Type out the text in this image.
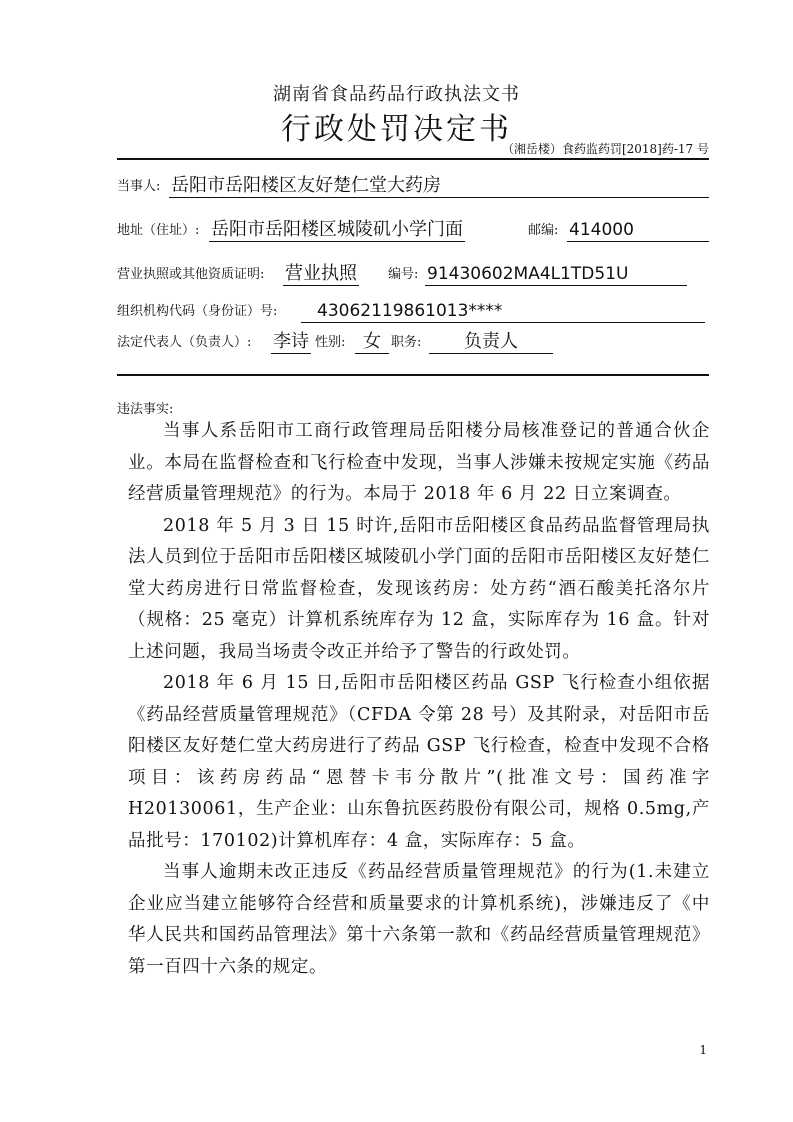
湖南省食品药品行政执法文书
行政处罚决定书
（湘岳楼）食药监药罚[2018]药-17 号
当事人: 岳阳市岳阳楼区友好楚仁堂大药房
地址（住址）: 岳阳市岳阳楼区城陵矶小学门面	邮编: 414000
营业执照或其他资质证明: 营业执照 编号: 91430602MA4L1TD51U
组织机构代码（身份证）号:	43062119861013****
法定代表人（负责人）: 李诗 性别: 女 职务:	负责人
违法事实:

当事人系岳阳市工商行政管理局岳阳楼分局核准登记的普通合伙企业。本局在监督检查和飞行检查中发现，当事人涉嫌未按规定实施《药品经营质量管理规范》的行为。本局于 2018 年 6 月 22 日立案调查。

2018 年 5 月 3 日 15 时许,岳阳市岳阳楼区食品药品监督管理局执法人员到位于岳阳市岳阳楼区城陵矶小学门面的岳阳市岳阳楼区友好楚仁堂大药房进行日常监督检查，发现该药房：处方药“酒石酸美托洛尔片（规格：25 毫克）计算机系统库存为 12 盒，实际库存为 16 盒。针对上述问题，我局当场责令改正并给予了警告的行政处罚。

2018 年 6 月 15 日,岳阳市岳阳楼区药品 GSP 飞行检查小组依据《药品经营质量管理规范》（CFDA 令第 28 号）及其附录，对岳阳市岳阳楼区友好楚仁堂大药房进行了药品 GSP 飞行检查，检查中发现不合格项目：该药房药品“恩替卡韦分散片”(批准文号：国药准字 H20130061，生产企业：山东鲁抗医药股份有限公司，规格 0.5mg,产品批号：170102)计算机库存：4 盒，实际库存：5 盒。

当事人逾期未改正违反《药品经营质量管理规范》的行为(1.未建立企业应当建立能够符合经营和质量要求的计算机系统)，涉嫌违反了《中华人民共和国药品管理法》第十六条第一款和《药品经营质量管理规范》第一百四十六条的规定。

1
